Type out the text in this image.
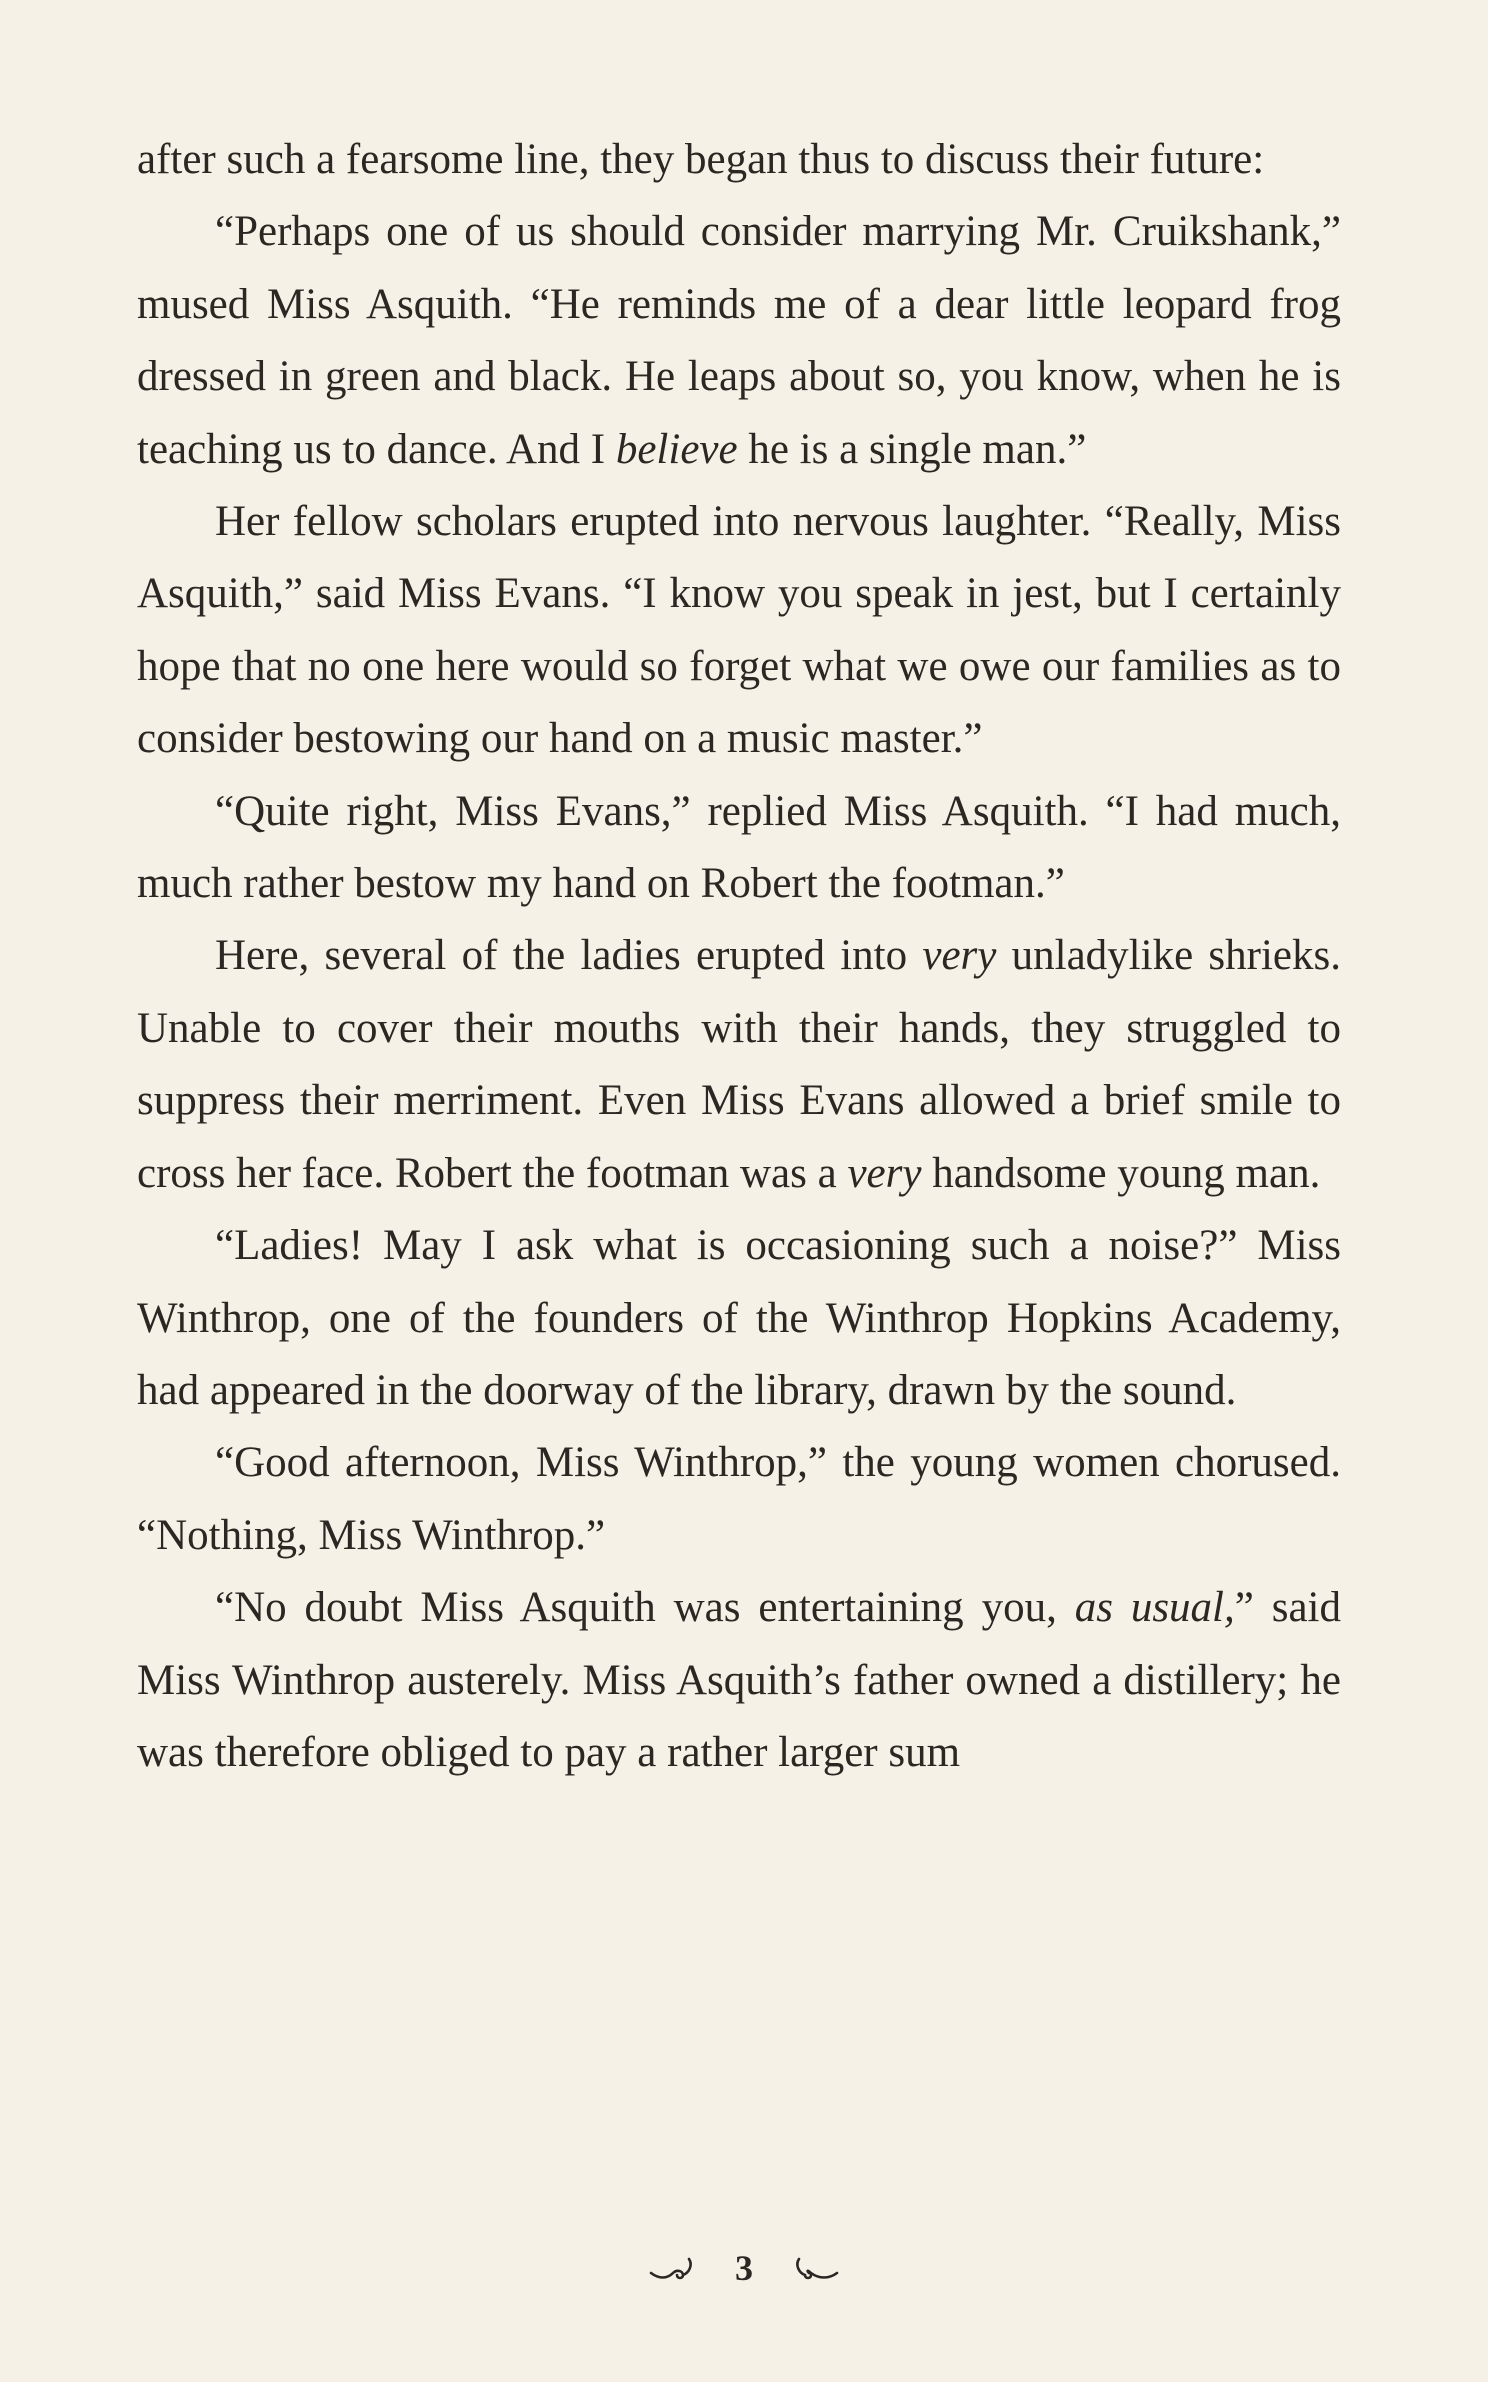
after such a fearsome line, they began thus to discuss their future:

“Perhaps one of us should consider marrying Mr. Cruikshank,” mused Miss Asquith. “He reminds me of a dear little leopard frog dressed in green and black. He leaps about so, you know, when he is teaching us to dance. And I believe he is a single man.”

Her fellow scholars erupted into nervous laughter. “Really, Miss Asquith,” said Miss Evans. “I know you speak in jest, but I certainly hope that no one here would so forget what we owe our families as to consider bestowing our hand on a music master.”

“Quite right, Miss Evans,” replied Miss Asquith. “I had much, much rather bestow my hand on Robert the footman.”

Here, several of the ladies erupted into very unladylike shrieks. Unable to cover their mouths with their hands, they struggled to suppress their merriment. Even Miss Evans allowed a brief smile to cross her face. Robert the footman was a very handsome young man.

“Ladies! May I ask what is occasioning such a noise?” Miss Winthrop, one of the founders of the Winthrop Hopkins Academy, had appeared in the doorway of the library, drawn by the sound.

“Good afternoon, Miss Winthrop,” the young women chorused. “Nothing, Miss Winthrop.”

“No doubt Miss Asquith was entertaining you, as usual,” said Miss Winthrop austerely. Miss Asquith’s father owned a distillery; he was therefore obliged to pay a rather larger sum

3
